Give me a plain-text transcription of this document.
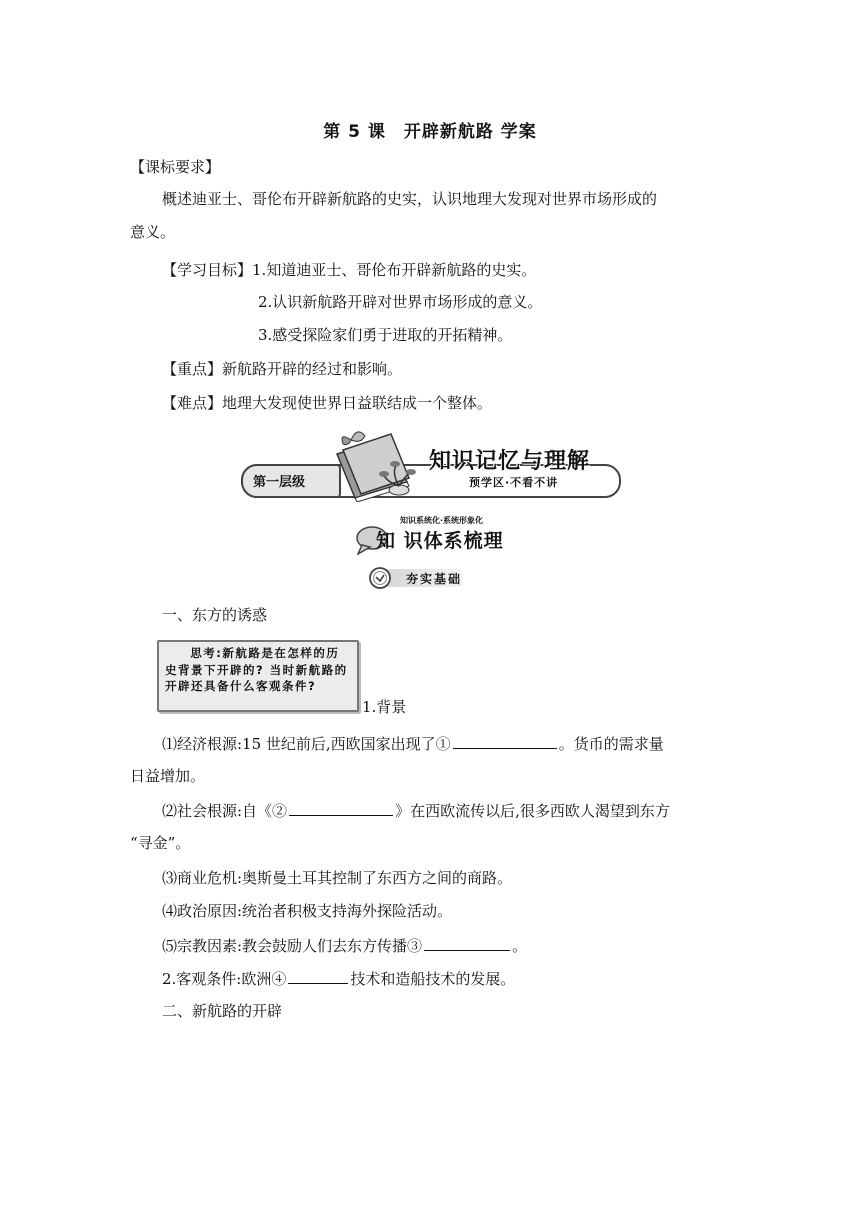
第 5 课　开辟新航路 学案
【课标要求】
概述迪亚士、哥伦布开辟新航路的史实，认识地理大发现对世界市场形成的
意义。
【学习目标】1.知道迪亚士、哥伦布开辟新航路的史实。
2.认识新航路开辟对世界市场形成的意义。
3.感受探险家们勇于进取的开拓精神。
【重点】新航路开辟的经过和影响。
【难点】地理大发现使世界日益联结成一个整体。
第一层级
知识记忆与理解
预学区·不看不讲
知识系统化·系统形象化
知 识体系梳理
夯实基础
一、东方的诱惑
思考:新航路是在怎样的历史背景下开辟的? 当时新航路的开辟还具备什么客观条件?
1.背景
⑴经济根源:15 世纪前后,西欧国家出现了①	。货币的需求量
日益增加。
⑵社会根源:自《②	》在西欧流传以后,很多西欧人渴望到东方
“寻金”。
⑶商业危机:奥斯曼土耳其控制了东西方之间的商路。
⑷政治原因:统治者积极支持海外探险活动。
⑸宗教因素:教会鼓励人们去东方传播③	。
2.客观条件:欧洲④	技术和造船技术的发展。
二、新航路的开辟
